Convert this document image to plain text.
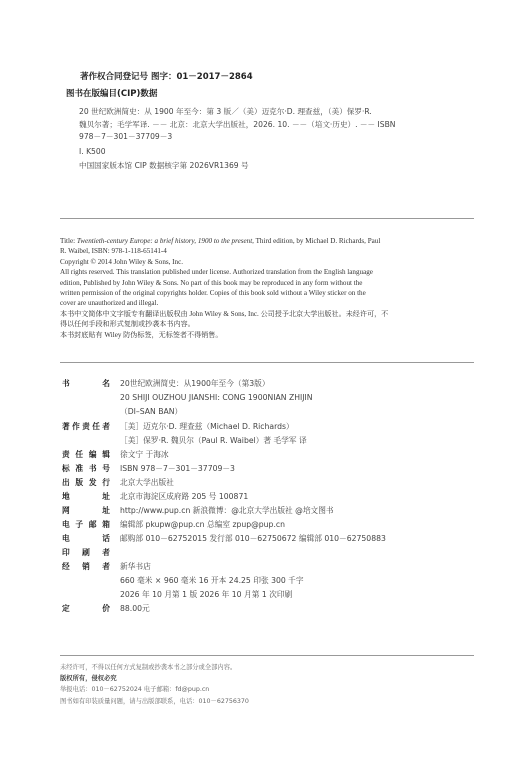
著作权合同登记号 图字：01－2017－2864
图书在版编目(CIP)数据
20 世纪欧洲简史：从 1900 年至今：第 3 版／（美）迈克尔·D. 理查兹，（美）保罗·R.
魏贝尔著；毛学军译. －－ 北京：北京大学出版社，2026. 10. －－（培文·历史）. －－ ISBN
978－7－301－37709－3
Ⅰ. K500
中国国家版本馆 CIP 数据核字第 2026VR1369 号

Title: Twentieth-century Europe: a brief history, 1900 to the present, Third edition, by Michael D. Richards, Paul

R. Waibel, ISBN: 978-1-118-65141-4

Copyright © 2014 John Wiley & Sons, Inc.

All rights reserved. This translation published under license. Authorized translation from the English language

edition, Published by John Wiley & Sons. No part of this book may be reproduced in any form without the

written permission of the original copyrights holder. Copies of this book sold without a Wiley sticker on the

cover are unauthorized and illegal.

本书中文简体中文字版专有翻译出版权由 John Wiley & Sons, Inc. 公司授予北京大学出版社。未经许可，不

得以任何手段和形式复制或抄袭本书内容。

本书封底贴有 Wiley 防伪标签，无标签者不得销售。

书名 20世纪欧洲简史：从1900年至今（第3版）
20 SHIJI OUZHOU JIANSHI: CONG 1900NIAN ZHIJIN
（DI–SAN BAN）
著作责任者 ［美］迈克尔·D. 理查兹（Michael D. Richards）
［美］保罗·R. 魏贝尔（Paul R. Waibel）著 毛学军 译
责任编辑 徐文宁 于海冰
标准书号 ISBN 978－7－301－37709－3
出版发行 北京大学出版社
地址 北京市海淀区成府路 205 号 100871
网址 http://www.pup.cn 新浪微博：@北京大学出版社 @培文图书
电子邮箱 编辑部 pkupw@pup.cn 总编室 zpup@pup.cn
电话 邮购部 010－62752015 发行部 010－62750672 编辑部 010－62750883
印刷者
经销者 新华书店
660 毫米 × 960 毫米 16 开本 24.25 印张 300 千字
2026 年 10 月第 1 版 2026 年 10 月第 1 次印刷
定价 88.00元
未经许可，不得以任何方式复制或抄袭本书之部分或全部内容。
版权所有，侵权必究
举报电话：010－62752024 电子邮箱：fd@pup.cn
图书如有印装质量问题，请与出版部联系，电话：010－62756370
